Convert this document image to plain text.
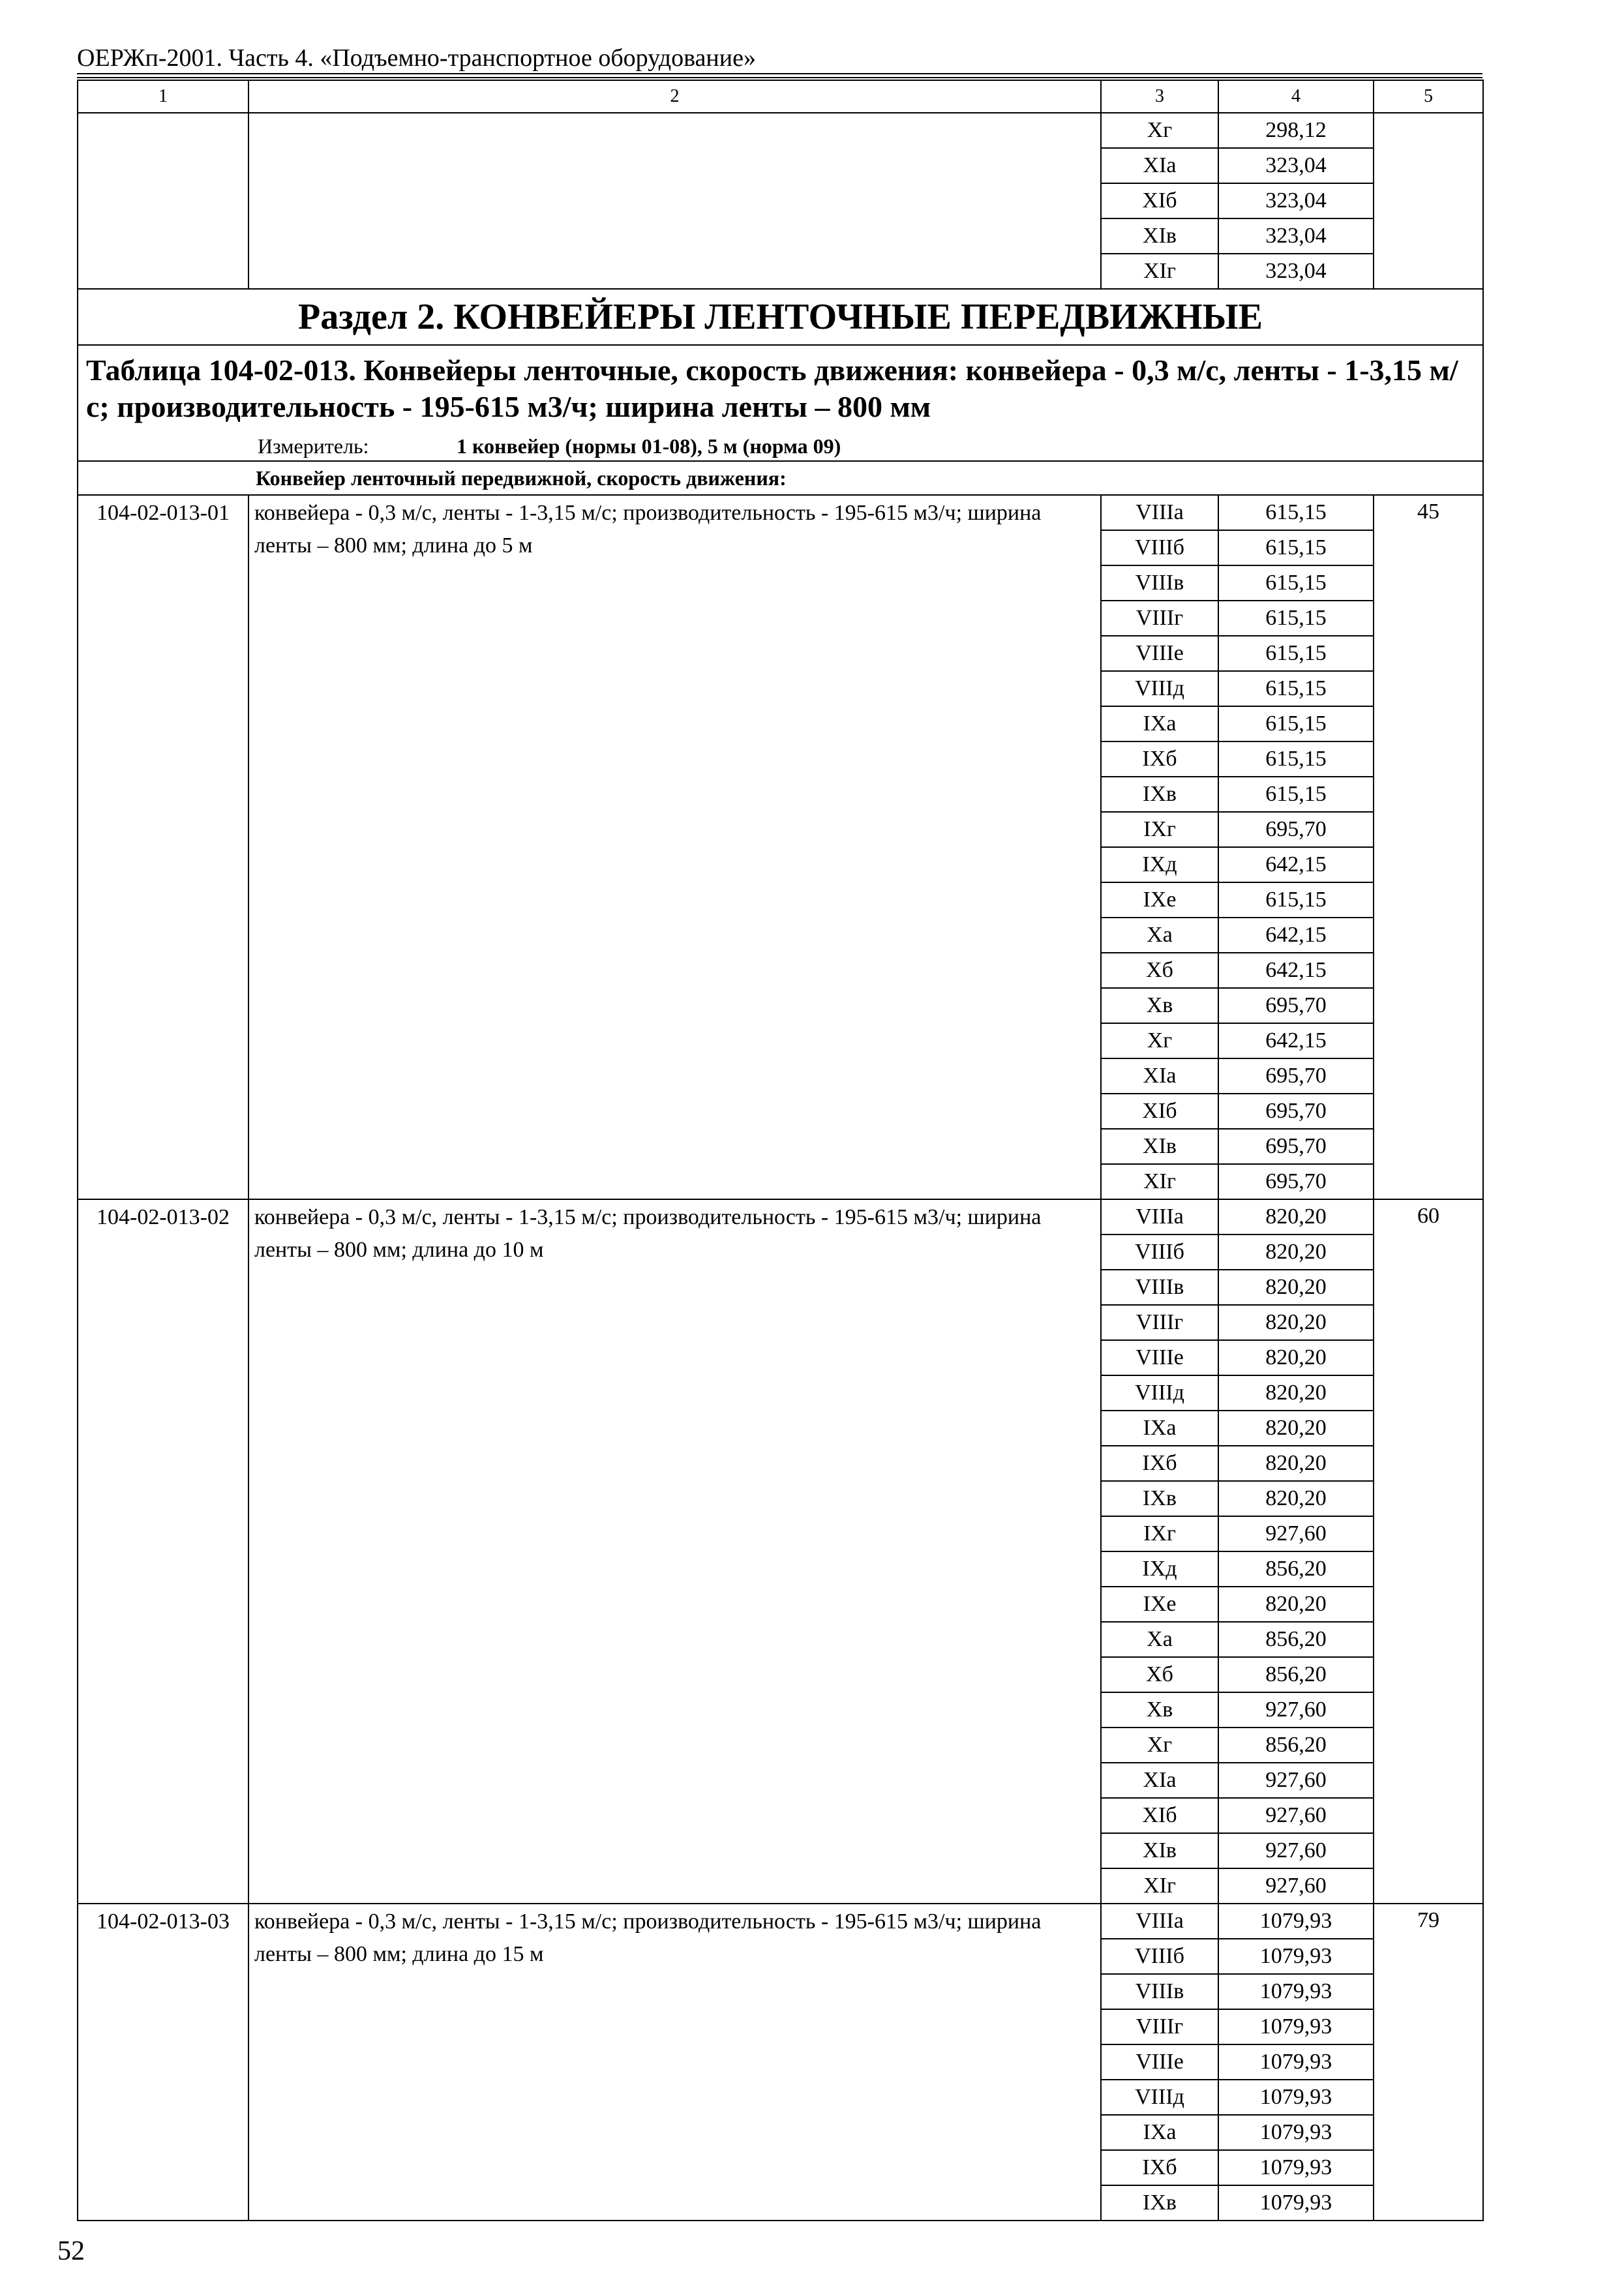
ОЕРЖп-2001. Часть 4. «Подъемно-транспортное оборудование»
1	2	3	4	5
		Xг	298,12	
		XIа	323,04	
		XIб	323,04	
		XIв	323,04	
		XIг	323,04	
Раздел 2. КОНВЕЙЕРЫ ЛЕНТОЧНЫЕ ПЕРЕДВИЖНЫЕ				

Таблица 104-02-013. Конвейеры ленточные, скорость движения: конвейера - 0,3 м/с, ленты - 1-3,15 м/с; производительность - 195-615 м3/ч; ширина ленты – 800 мм
Измеритель: 1 конвейер (нормы 01-08), 5 м (норма 09)				

Конвейер ленточный передвижной, скорость движения:				
104-02-013-01	конвейера - 0,3 м/с, ленты - 1-3,15 м/с; производительность - 195-615 м3/ч; ширина ленты – 800 мм; длина до 5 м	VIIIа	615,15	45
		VIIIб	615,15	
		VIIIв	615,15	
		VIIIг	615,15	
		VIIIе	615,15	
		VIIIд	615,15	
		IXа	615,15	
		IXб	615,15	
		IXв	615,15	
		IXг	695,70	
		IXд	642,15	
		IXе	615,15	
		Xа	642,15	
		Xб	642,15	
		Xв	695,70	
		Xг	642,15	
		XIа	695,70	
		XIб	695,70	
		XIв	695,70	
		XIг	695,70	
104-02-013-02	конвейера - 0,3 м/с, ленты - 1-3,15 м/с; производительность - 195-615 м3/ч; ширина ленты – 800 мм; длина до 10 м	VIIIа	820,20	60
		VIIIб	820,20	
		VIIIв	820,20	
		VIIIг	820,20	
		VIIIе	820,20	
		VIIIд	820,20	
		IXа	820,20	
		IXб	820,20	
		IXв	820,20	
		IXг	927,60	
		IXд	856,20	
		IXе	820,20	
		Xа	856,20	
		Xб	856,20	
		Xв	927,60	
		Xг	856,20	
		XIа	927,60	
		XIб	927,60	
		XIв	927,60	
		XIг	927,60	
104-02-013-03	конвейера - 0,3 м/с, ленты - 1-3,15 м/с; производительность - 195-615 м3/ч; ширина ленты – 800 мм; длина до 15 м	VIIIа	1079,93	79
		VIIIб	1079,93	
		VIIIв	1079,93	
		VIIIг	1079,93	
		VIIIе	1079,93	
		VIIIд	1079,93	
		IXа	1079,93	
		IXб	1079,93	
		IXв	1079,93	
52
